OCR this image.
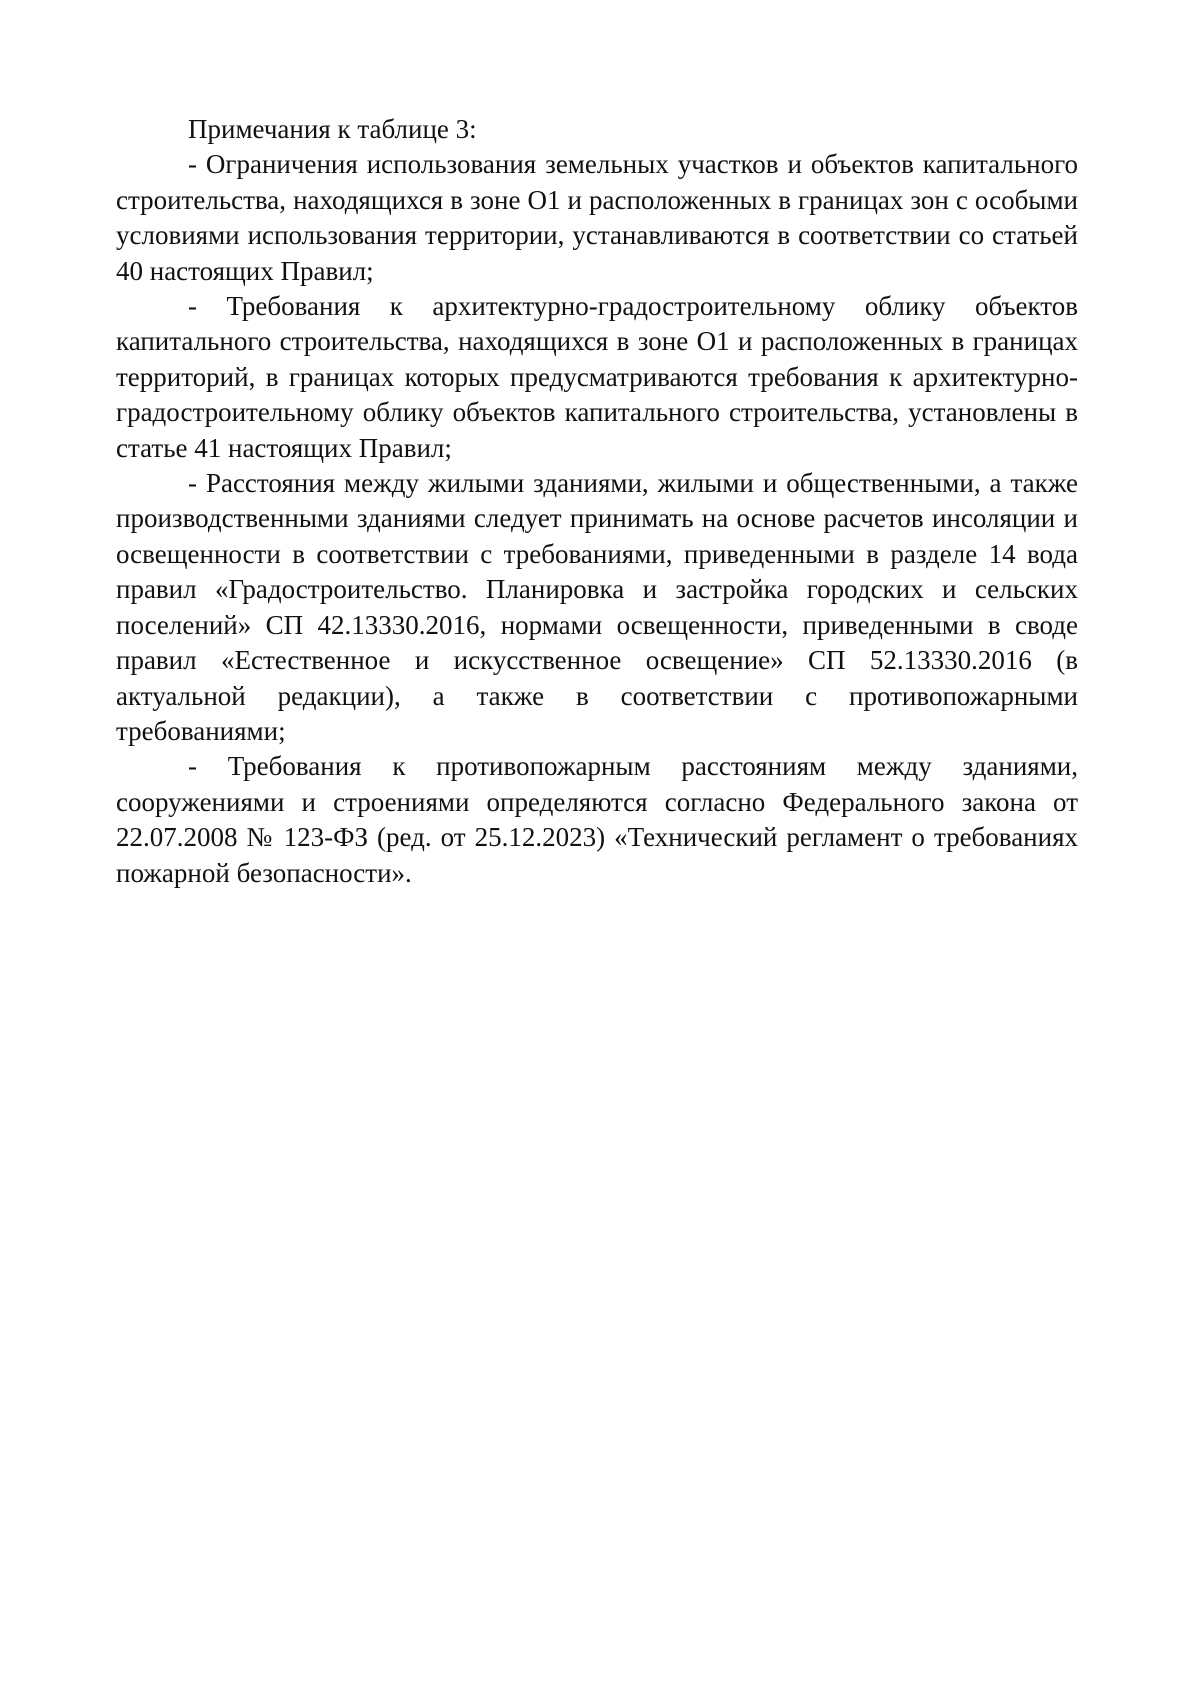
Примечания к таблице 3:

- Ограничения использования земельных участков и объектов капитального строительства, находящихся в зоне О1 и расположенных в границах зон с особыми условиями использования территории, устанавливаются в соответствии со статьей 40 настоящих Правил;

- Требования к архитектурно-градостроительному облику объектов капитального строительства, находящихся в зоне О1 и расположенных в границах территорий, в границах которых предусматриваются требования к архитектурно-градостроительному облику объектов капитального строительства, установлены в статье 41 настоящих Правил;

- Расстояния между жилыми зданиями, жилыми и общественными, а также производственными зданиями следует принимать на основе расчетов инсоляции и освещенности в соответствии с требованиями, приведенными в разделе 14 вода правил «Градостроительство. Планировка и застройка городских и сельских поселений» СП 42.13330.2016, нормами освещенности, приведенными в своде правил «Естественное и искусственное освещение» СП 52.13330.2016 (в актуальной редакции), а также в соответствии с противопожарными требованиями;

- Требования к противопожарным расстояниям между зданиями, сооружениями и строениями определяются согласно Федерального закона от 22.07.2008 № 123-ФЗ (ред. от 25.12.2023) «Технический регламент о требованиях пожарной безопасности».
